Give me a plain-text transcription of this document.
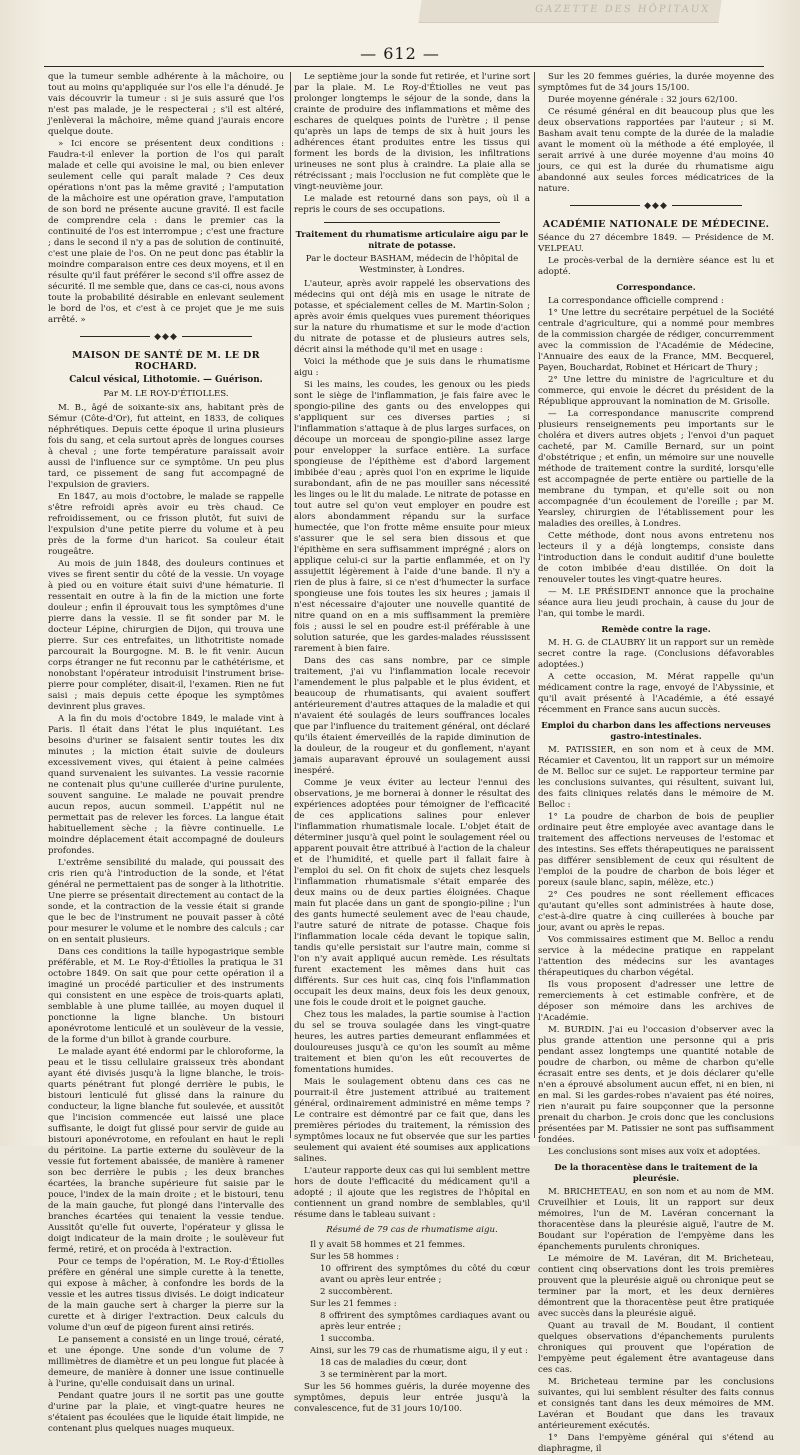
GAZETTE DES HÔPITAUX
— 612 —

que la tumeur semble adhérente à la mâchoire, ou tout au moins qu'appliquée sur l'os elle l'a dénudé. Je vais découvrir la tumeur : si je suis assuré que l'os n'est pas malade, je le respecterai ; s'il est altéré, j'enlèverai la mâchoire, même quand j'aurais encore quelque doute.

» Ici encore se présentent deux conditions : Faudra-t-il enlever la portion de l'os qui paraît malade et celle qui avoisine le mal, ou bien enlever seulement celle qui paraît malade ? Ces deux opérations n'ont pas la même gravité ; l'amputation de la mâchoire est une opération grave, l'amputation de son bord ne présente aucune gravité. Il est facile de comprendre cela : dans le premier cas la continuité de l'os est interrompue ; c'est une fracture ; dans le second il n'y a pas de solution de continuité, c'est une plaie de l'os. On ne peut donc pas établir la moindre comparaison entre ces deux moyens, et il en résulte qu'il faut préférer le second s'il offre assez de sécurité. Il me semble que, dans ce cas-ci, nous avons toute la probabilité désirable en enlevant seulement le bord de l'os, et c'est à ce projet que je me suis arrêté. »

◆◆◆
MAISON DE SANTÉ DE M. LE DR ROCHARD.
Calcul vésical, Lithotomie. — Guérison.
Par M. LE ROY-D'ÉTIOLLES.

M. B., âgé de soixante-six ans, habitant près de Sémur (Côte-d'Or), fut atteint, en 1833, de coliques néphrétiques. Depuis cette époque il urina plusieurs fois du sang, et cela surtout après de longues courses à cheval ; une forte température paraissait avoir aussi de l'influence sur ce symptôme. Un peu plus tard, ce pissement de sang fut accompagné de l'expulsion de graviers.

En 1847, au mois d'octobre, le malade se rappelle s'être refroidi après avoir eu très chaud. Ce refroidissement, ou ce frisson plutôt, fut suivi de l'expulsion d'une petite pierre du volume et à peu près de la forme d'un haricot. Sa couleur était rougeâtre.

Au mois de juin 1848, des douleurs continues et vives se firent sentir du côté de la vessie. Un voyage à pied ou en voiture était suivi d'une hématurie. Il ressentait en outre à la fin de la miction une forte douleur ; enfin il éprouvait tous les symptômes d'une pierre dans la vessie. Il se fit sonder par M. le docteur Lépine, chirurgien de Dijon, qui trouva une pierre. Sur ces entrefaites, un lithotritiste nomade parcourait la Bourgogne. M. B. le fit venir. Aucun corps étranger ne fut reconnu par le cathétérisme, et nonobstant l'opérateur introduisit l'instrument brise-pierre pour compléter, disait-il, l'examen. Rien ne fut saisi ; mais depuis cette époque les symptômes devinrent plus graves.

A la fin du mois d'octobre 1849, le malade vint à Paris. Il était dans l'état le plus inquiétant. Les besoins d'uriner se faisaient sentir toutes les dix minutes ; la miction était suivie de douleurs excessivement vives, qui étaient à peine calmées quand survenaient les suivantes. La vessie racornie ne contenait plus qu'une cuillerée d'urine purulente, souvent sanguine. Le malade ne pouvait prendre aucun repos, aucun sommeil. L'appétit nul ne permettait pas de relever les forces. La langue était habituellement sèche ; la fièvre continuelle. Le moindre déplacement était accompagné de douleurs profondes.

L'extrême sensibilité du malade, qui poussait des cris rien qu'à l'introduction de la sonde, et l'état général ne permettaient pas de songer à la lithotritie. Une pierre se présentait directement au contact de la sonde, et la contraction de la vessie était si grande que le bec de l'instrument ne pouvait passer à côté pour mesurer le volume et le nombre des calculs ; car on en sentait plusieurs.

Dans ces conditions la taille hypogastrique semble préférable, et M. Le Roy-d'Étiolles la pratiqua le 31 octobre 1849. On sait que pour cette opération il a imaginé un procédé particulier et des instruments qui consistent en une espèce de trois-quarts aplati, semblable à une plume taillée, au moyen duquel il ponctionne la ligne blanche. Un bistouri aponévrotome lenticulé et un soulèveur de la vessie, de la forme d'un billot à grande courbure.

Le malade ayant été endormi par le chloroforme, la peau et le tissu cellulaire graisseux très abondant ayant été divisés jusqu'à la ligne blanche, le trois-quarts pénétrant fut plongé derrière le pubis, le bistouri lenticulé fut glissé dans la rainure du conducteur, la ligne blanche fut soulevée, et aussitôt que l'incision commencée eut laissé une place suffisante, le doigt fut glissé pour servir de guide au bistouri aponévrotome, en refoulant en haut le repli du péritoine. La partie externe du soulèveur de la vessie fut fortement abaissée, de manière à ramener son bec derrière le pubis ; les deux branches écartées, la branche supérieure fut saisie par le pouce, l'index de la main droite ; et le bistouri, tenu de la main gauche, fut plongé dans l'intervalle des branches écartées qui tenaient la vessie tendue. Aussitôt qu'elle fut ouverte, l'opérateur y glissa le doigt indicateur de la main droite ; le soulèveur fut fermé, retiré, et on procéda à l'extraction.

Pour ce temps de l'opération, M. Le Roy-d'Étiolles préfère en général une simple curette à la tenette, qui expose à mâcher, à confondre les bords de la vessie et les autres tissus divisés. Le doigt indicateur de la main gauche sert à charger la pierre sur la curette et à diriger l'extraction. Deux calculs du volume d'un œuf de pigeon furent ainsi retirés.

Le pansement a consisté en un linge troué, cératé, et une éponge. Une sonde d'un volume de 7 millimètres de diamètre et un peu longue fut placée à demeure, de manière à donner une issue continuelle à l'urine, qu'elle conduisait dans un urinal.

Pendant quatre jours il ne sortit pas une goutte d'urine par la plaie, et vingt-quatre heures ne s'étaient pas écoulées que le liquide était limpide, ne contenant plus quelques nuages muqueux.

Le septième jour la sonde fut retirée, et l'urine sort par la plaie. M. Le Roy-d'Étiolles ne veut pas prolonger longtemps le séjour de la sonde, dans la crainte de produire des inflammations et même des eschares de quelques points de l'urètre ; il pense qu'après un laps de temps de six à huit jours les adhérences étant produites entre les tissus qui forment les bords de la division, les infiltrations urineuses ne sont plus à craindre. La plaie alla se rétrécissant ; mais l'occlusion ne fut complète que le vingt-neuvième jour.

Le malade est retourné dans son pays, où il a repris le cours de ses occupations.

Traitement du rhumatisme articulaire aigu par le nitrate de potasse.
Par le docteur BASHAM, médecin de l'hôpital de Westminster, à Londres.

L'auteur, après avoir rappelé les observations des médecins qui ont déjà mis en usage le nitrate de potasse, et spécialement celles de M. Martin-Solon ; après avoir émis quelques vues purement théoriques sur la nature du rhumatisme et sur le mode d'action du nitrate de potasse et de plusieurs autres sels, décrit ainsi la méthode qu'il met en usage :

Voici la méthode que je suis dans le rhumatisme aigu :

Si les mains, les coudes, les genoux ou les pieds sont le siège de l'inflammation, je fais faire avec le spongio-piline des gants ou des enveloppes qui s'appliquent sur ces diverses parties ; si l'inflammation s'attaque à de plus larges surfaces, on découpe un morceau de spongio-piline assez large pour envelopper la surface entière. La surface spongieuse de l'épithème est d'abord largement imbibée d'eau ; après quoi l'on en exprime le liquide surabondant, afin de ne pas mouiller sans nécessité les linges ou le lit du malade. Le nitrate de potasse en tout autre sel qu'on veut employer en poudre est alors abondamment répandu sur la surface humectée, que l'on frotte même ensuite pour mieux s'assurer que le sel sera bien dissous et que l'épithème en sera suffisamment imprégné ; alors on applique celui-ci sur la partie enflammée, et on l'y assujettit légèrement à l'aide d'une bande. Il n'y a rien de plus à faire, si ce n'est d'humecter la surface spongieuse une fois toutes les six heures ; jamais il n'est nécessaire d'ajouter une nouvelle quantité de nitre quand on en a mis suffisamment la première fois ; aussi le sel en poudre est-il préférable à une solution saturée, que les gardes-malades réussissent rarement à bien faire.

Dans des cas sans nombre, par ce simple traitement, j'ai vu l'inflammation locale recevoir l'amendement le plus palpable et le plus évident, et beaucoup de rhumatisants, qui avaient souffert antérieurement d'autres attaques de la maladie et qui n'avaient été soulagés de leurs souffrances locales que par l'influence du traitement général, ont déclaré qu'ils étaient émerveillés de la rapide diminution de la douleur, de la rougeur et du gonflement, n'ayant jamais auparavant éprouvé un soulagement aussi inespéré.

Comme je veux éviter au lecteur l'ennui des observations, je me bornerai à donner le résultat des expériences adoptées pour témoigner de l'efficacité de ces applications salines pour enlever l'inflammation rhumatismale locale. L'objet était de déterminer jusqu'à quel point le soulagement réel ou apparent pouvait être attribué à l'action de la chaleur et de l'humidité, et quelle part il fallait faire à l'emploi du sel. On fit choix de sujets chez lesquels l'inflammation rhumatismale s'était emparée des deux mains ou de deux parties éloignées. Chaque main fut placée dans un gant de spongio-piline ; l'un des gants humecté seulement avec de l'eau chaude, l'autre saturé de nitrate de potasse. Chaque fois l'inflammation locale céda devant le topique salin, tandis qu'elle persistait sur l'autre main, comme si l'on n'y avait appliqué aucun remède. Les résultats furent exactement les mêmes dans huit cas différents. Sur ces huit cas, cinq fois l'inflammation occupait les deux mains, deux fois les deux genoux, une fois le coude droit et le poignet gauche.

Chez tous les malades, la partie soumise à l'action du sel se trouva soulagée dans les vingt-quatre heures, les autres parties demeurant enflammées et douloureuses jusqu'à ce qu'on les soumît au même traitement et bien qu'on les eût recouvertes de fomentations humides.

Mais le soulagement obtenu dans ces cas ne pourrait-il être justement attribué au traitement général, ordinairement administré en même temps ? Le contraire est démontré par ce fait que, dans les premières périodes du traitement, la rémission des symptômes locaux ne fut observée que sur les parties seulement qui avaient été soumises aux applications salines.

L'auteur rapporte deux cas qui lui semblent mettre hors de doute l'efficacité du médicament qu'il a adopté ; il ajoute que les registres de l'hôpital en contiennent un grand nombre de semblables, qu'il résume dans le tableau suivant :

Résumé de 79 cas de rhumatisme aigu.

Il y avait 58 hommes et 21 femmes.

Sur les 58 hommes :

10 offrirent des symptômes du côté du cœur avant ou après leur entrée ;

2 succombèrent.

Sur les 21 femmes :

8 offrirent des symptômes cardiaques avant ou après leur entrée ;

1 succomba.

Ainsi, sur les 79 cas de rhumatisme aigu, il y eut :

18 cas de maladies du cœur, dont

3 se terminèrent par la mort.

Sur les 56 hommes guéris, la durée moyenne des symptômes, depuis leur entrée jusqu'à la convalescence, fut de 31 jours 10/100.

Sur les 20 femmes guéries, la durée moyenne des symptômes fut de 34 jours 15/100.

Durée moyenne générale : 32 jours 62/100.

Ce résumé général en dit beaucoup plus que les deux observations rapportées par l'auteur ; si M. Basham avait tenu compte de la durée de la maladie avant le moment où la méthode a été employée, il serait arrivé à une durée moyenne d'au moins 40 jours, ce qui est la durée du rhumatisme aigu abandonné aux seules forces médicatrices de la nature.

◆◆◆
ACADÉMIE NATIONALE DE MÉDECINE.

Séance du 27 décembre 1849. — Présidence de M. VELPEAU.

Le procès-verbal de la dernière séance est lu et adopté.

Correspondance.

La correspondance officielle comprend :

1° Une lettre du secrétaire perpétuel de la Société centrale d'agriculture, qui a nommé pour membres de la commission chargée de rédiger, concurremment avec la commission de l'Académie de Médecine, l'Annuaire des eaux de la France, MM. Becquerel, Payen, Bouchardat, Robinet et Héricart de Thury ;

2° Une lettre du ministre de l'agriculture et du commerce, qui envoie le décret du président de la République approuvant la nomination de M. Grisolle.

— La correspondance manuscrite comprend plusieurs renseignements peu importants sur le choléra et divers autres objets ; l'envoi d'un paquet cacheté, par M. Camille Bernard, sur un point d'obstétrique ; et enfin, un mémoire sur une nouvelle méthode de traitement contre la surdité, lorsqu'elle est accompagnée de perte entière ou partielle de la membrane du tympan, et qu'elle soit ou non accompagnée d'un écoulement de l'oreille ; par M. Yearsley, chirurgien de l'établissement pour les maladies des oreilles, à Londres.

Cette méthode, dont nous avons entretenu nos lecteurs il y a déjà longtemps, consiste dans l'introduction dans le conduit auditif d'une boulette de coton imbibée d'eau distillée. On doit la renouveler toutes les vingt-quatre heures.

— M. LE PRÉSIDENT annonce que la prochaine séance aura lieu jeudi prochain, à cause du jour de l'an, qui tombe le mardi.

Remède contre la rage.

M. H. G. de CLAUBRY lit un rapport sur un remède secret contre la rage. (Conclusions défavorables adoptées.)

A cette occasion, M. Mérat rappelle qu'un médicament contre la rage, envoyé de l'Abyssinie, et qu'il avait présenté à l'Académie, a été essayé récemment en France sans aucun succès.

Emploi du charbon dans les affections nerveuses gastro-intestinales.

M. PATISSIER, en son nom et à ceux de MM. Récamier et Caventou, lit un rapport sur un mémoire de M. Belloc sur ce sujet. Le rapporteur termine par les conclusions suivantes, qui résultent, suivant lui, des faits cliniques relatés dans le mémoire de M. Belloc :

1° La poudre de charbon de bois de peuplier ordinaire peut être employée avec avantage dans le traitement des affections nerveuses de l'estomac et des intestins. Ses effets thérapeutiques ne paraissent pas différer sensiblement de ceux qui résultent de l'emploi de la poudre de charbon de bois léger et poreux (saule blanc, sapin, mélèze, etc.)

2° Ces poudres ne sont réellement efficaces qu'autant qu'elles sont administrées à haute dose, c'est-à-dire quatre à cinq cuillerées à bouche par jour, avant ou après le repas.

Vos commissaires estiment que M. Belloc a rendu service à la médecine pratique en rappelant l'attention des médecins sur les avantages thérapeutiques du charbon végétal.

Ils vous proposent d'adresser une lettre de remerciements à cet estimable confrère, et de déposer son mémoire dans les archives de l'Académie.

M. BURDIN. J'ai eu l'occasion d'observer avec la plus grande attention une personne qui a pris pendant assez longtemps une quantité notable de poudre de charbon, ou même de charbon qu'elle écrasait entre ses dents, et je dois déclarer qu'elle n'en a éprouvé absolument aucun effet, ni en bien, ni en mal. Si les gardes-robes n'avaient pas été noires, rien n'aurait pu faire soupçonner que la personne prenait du charbon. Je crois donc que les conclusions présentées par M. Patissier ne sont pas suffisamment fondées.

Les conclusions sont mises aux voix et adoptées.

De la thoracentèse dans le traitement de la pleurésie.

M. BRICHETEAU, en son nom et au nom de MM. Cruveilhier et Louis, lit un rapport sur deux mémoires, l'un de M. Lavéran concernant la thoracentèse dans la pleurésie aiguë, l'autre de M. Boudant sur l'opération de l'empyème dans les épanchements purulents chroniques.

Le mémoire de M. Lavéran, dit M. Bricheteau, contient cinq observations dont les trois premières prouvent que la pleurésie aiguë ou chronique peut se terminer par la mort, et les deux dernières démontrent que la thoracentèse peut être pratiquée avec succès dans la pleurésie aiguë.

Quant au travail de M. Boudant, il contient quelques observations d'épanchements purulents chroniques qui prouvent que l'opération de l'empyème peut également être avantageuse dans ces cas.

M. Bricheteau termine par les conclusions suivantes, qui lui semblent résulter des faits connus et consignés tant dans les deux mémoires de MM. Lavéran et Boudant que dans les travaux antérieurement exécutés.

1° Dans l'empyème général qui s'étend au diaphragme, il
